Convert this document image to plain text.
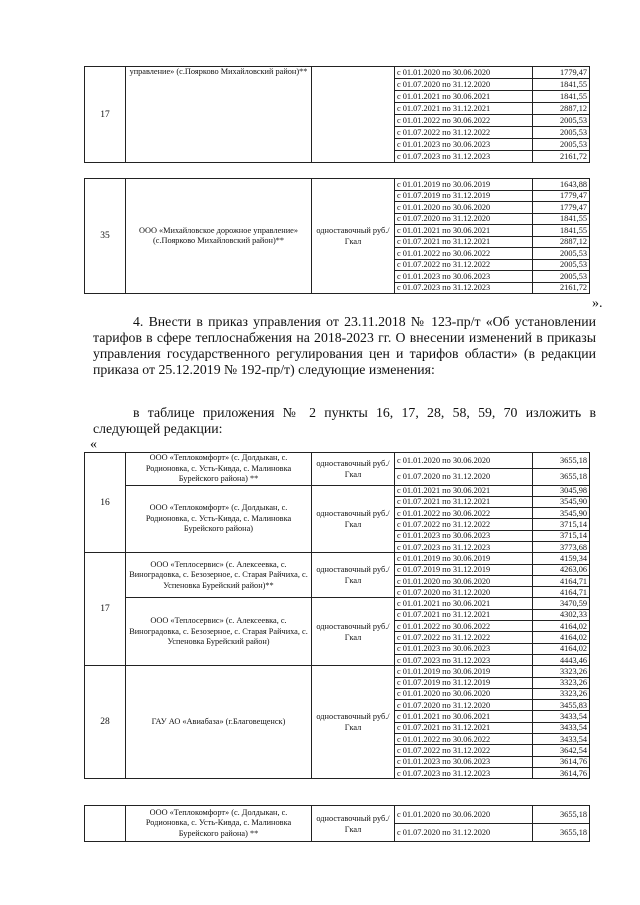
17	управление» (с.Поярково Михайловский район)**		с 01.01.2020 по 30.06.2020	1779,47
			с 01.07.2020 по 31.12.2020	1841,55
			с 01.01.2021 по 30.06.2021	1841,55
			с 01.07.2021 по 31.12.2021	2887,12
			с 01.01.2022 по 30.06.2022	2005,53
			с 01.07.2022 по 31.12.2022	2005,53
			с 01.01.2023 по 30.06.2023	2005,53
			с 01.07.2023 по 31.12.2023	2161,72
35	ООО «Михайловское дорожное управление» (с.Поярково Михайловский район)**	одноставочный руб./Гкал	с 01.01.2019 по 30.06.2019	1643,88
			с 01.07.2019 по 31.12.2019	1779,47
			с 01.01.2020 по 30.06.2020	1779,47
			с 01.07.2020 по 31.12.2020	1841,55
			с 01.01.2021 по 30.06.2021	1841,55
			с 01.07.2021 по 31.12.2021	2887,12
			с 01.01.2022 по 30.06.2022	2005,53
			с 01.07.2022 по 31.12.2022	2005,53
			с 01.01.2023 по 30.06.2023	2005,53
			с 01.07.2023 по 31.12.2023	2161,72
».

4. Внести в приказ управления от 23.11.2018 № 123-пр/т «Об установлении тарифов в сфере теплоснабжения на 2018-2023 гг. О внесении изменений в приказы управления государственного регулирования цен и тарифов области» (в редакции приказа от 25.12.2019 № 192-пр/т) следующие изменения:

в таблице приложения № 2 пункты 16, 17, 28, 58, 59, 70 изложить в следующей редакции:

«
16	ООО «Теплокомфорт» (с. Долдыкан, с. Родионовка, с. Усть-Кивда, с. Малиновка Бурейского района) **	одноставочный руб./Гкал	с 01.01.2020 по 30.06.2020	3655,18
			с 01.07.2020 по 31.12.2020	3655,18
	ООО «Теплокомфорт» (с. Долдыкан, с. Родионовка, с. Усть-Кивда, с. Малиновка Бурейского района)	одноставочный руб./Гкал	с 01.01.2021 по 30.06.2021	3045,98
			с 01.07.2021 по 31.12.2021	3545,90
			с 01.01.2022 по 30.06.2022	3545,90
			с 01.07.2022 по 31.12.2022	3715,14
			с 01.01.2023 по 30.06.2023	3715,14
			с 01.07.2023 по 31.12.2023	3773,68
17	ООО «Теплосервис» (с. Алексеевка, с. Виноградовка, с. Безозерное, с. Старая Райчиха, с. Успеновка Бурейский район)**	одноставочный руб./Гкал	с 01.01.2019 по 30.06.2019	4159,34
			с 01.07.2019 по 31.12.2019	4263,06
			с 01.01.2020 по 30.06.2020	4164,71
			с 01.07.2020 по 31.12.2020	4164,71
	ООО «Теплосервис» (с. Алексеевка, с. Виноградовка, с. Безозерное, с. Старая Райчиха, с. Успеновка Бурейский район)	одноставочный руб./Гкал	с 01.01.2021 по 30.06.2021	3470,59
			с 01.07.2021 по 31.12.2021	4302,33
			с 01.01.2022 по 30.06.2022	4164,02
			с 01.07.2022 по 31.12.2022	4164,02
			с 01.01.2023 по 30.06.2023	4164,02
			с 01.07.2023 по 31.12.2023	4443,46
28	ГАУ АО «Авиабаза» (г.Благовещенск)	одноставочный руб./Гкал	с 01.01.2019 по 30.06.2019	3323,26
			с 01.07.2019 по 31.12.2019	3323,26
			с 01.01.2020 по 30.06.2020	3323,26
			с 01.07.2020 по 31.12.2020	3455,83
			с 01.01.2021 по 30.06.2021	3433,54
			с 01.07.2021 по 31.12.2021	3433,54
			с 01.01.2022 по 30.06.2022	3433,54
			с 01.07.2022 по 31.12.2022	3642,54
			с 01.01.2023 по 30.06.2023	3614,76
			с 01.07.2023 по 31.12.2023	3614,76
	ООО «Теплокомфорт» (с. Долдыкан, с. Родионовка, с. Усть-Кивда, с. Малиновка Бурейского района) **	одноставочный руб./Гкал	с 01.01.2020 по 30.06.2020	3655,18
			с 01.07.2020 по 31.12.2020	3655,18
